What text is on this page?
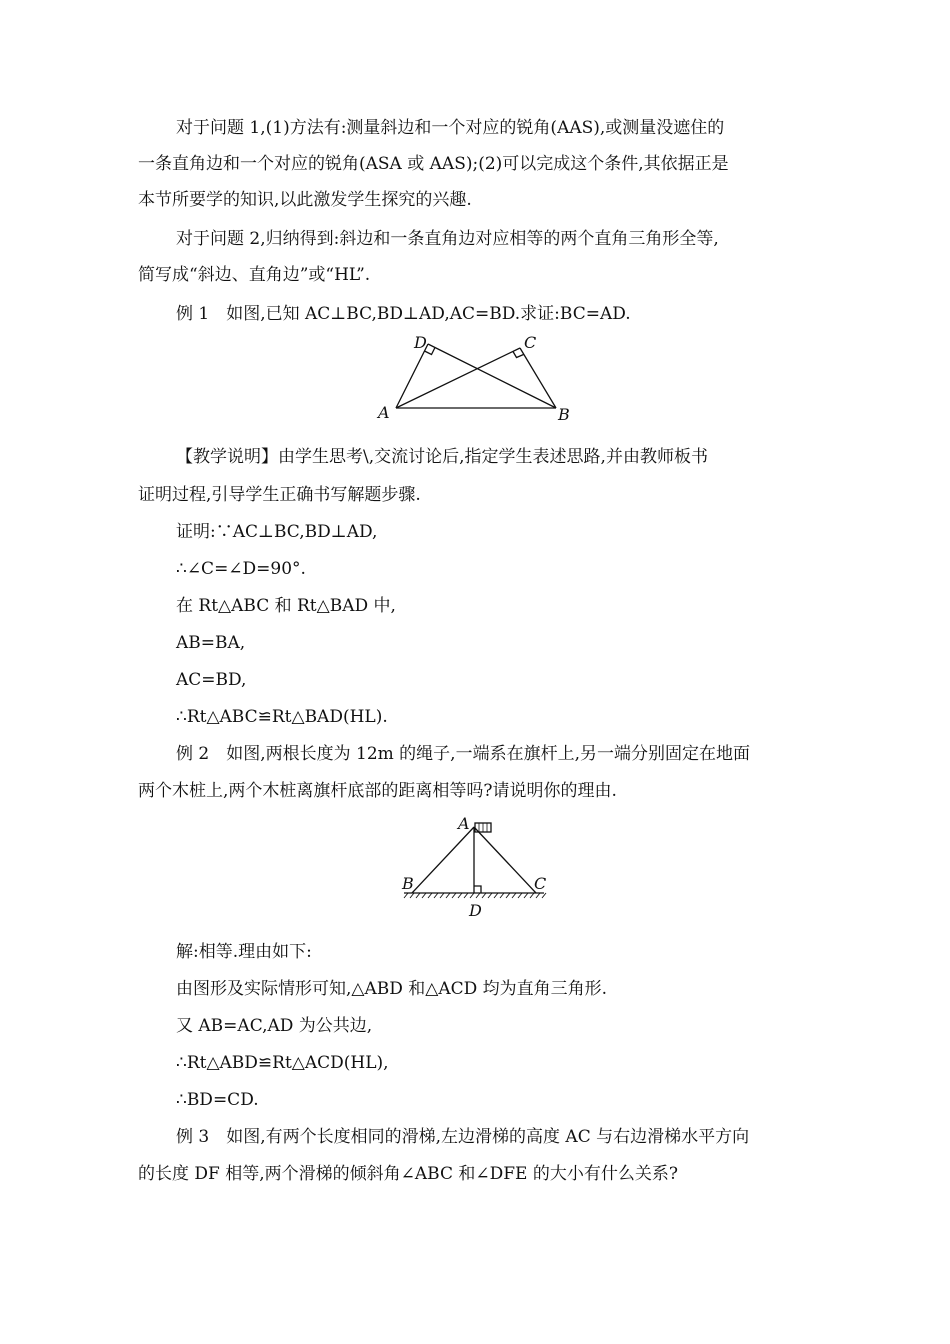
对于问题 1,(1)方法有:测量斜边和一个对应的锐角(AAS),或测量没遮住的
一条直角边和一个对应的锐角(ASA 或 AAS);(2)可以完成这个条件,其依据正是
本节所要学的知识,以此激发学生探究的兴趣.
对于问题 2,归纳得到:斜边和一条直角边对应相等的两个直角三角形全等,
简写成“斜边、直角边”或“HL”.
例 1　如图,已知 AC⊥BC,BD⊥AD,AC=BD.求证:BC=AD.
A	B
C
D
【教学说明】由学生思考\,交流讨论后,指定学生表述思路,并由教师板书
证明过程,引导学生正确书写解题步骤.
证明:∵AC⊥BC,BD⊥AD,
∴∠C=∠D=90°.
在 Rt△ABC 和 Rt△BAD 中,
AB=BA,
AC=BD,
∴Rt△ABC≌Rt△BAD(HL).
例 2　如图,两根长度为 12m 的绳子,一端系在旗杆上,另一端分别固定在地面
两个木桩上,两个木桩离旗杆底部的距离相等吗?请说明你的理由.
A
B	C
D
解:相等.理由如下:
由图形及实际情形可知,△ABD 和△ACD 均为直角三角形.
又 AB=AC,AD 为公共边,
∴Rt△ABD≌Rt△ACD(HL),
∴BD=CD.
例 3　如图,有两个长度相同的滑梯,左边滑梯的高度 AC 与右边滑梯水平方向
的长度 DF 相等,两个滑梯的倾斜角∠ABC 和∠DFE 的大小有什么关系?
